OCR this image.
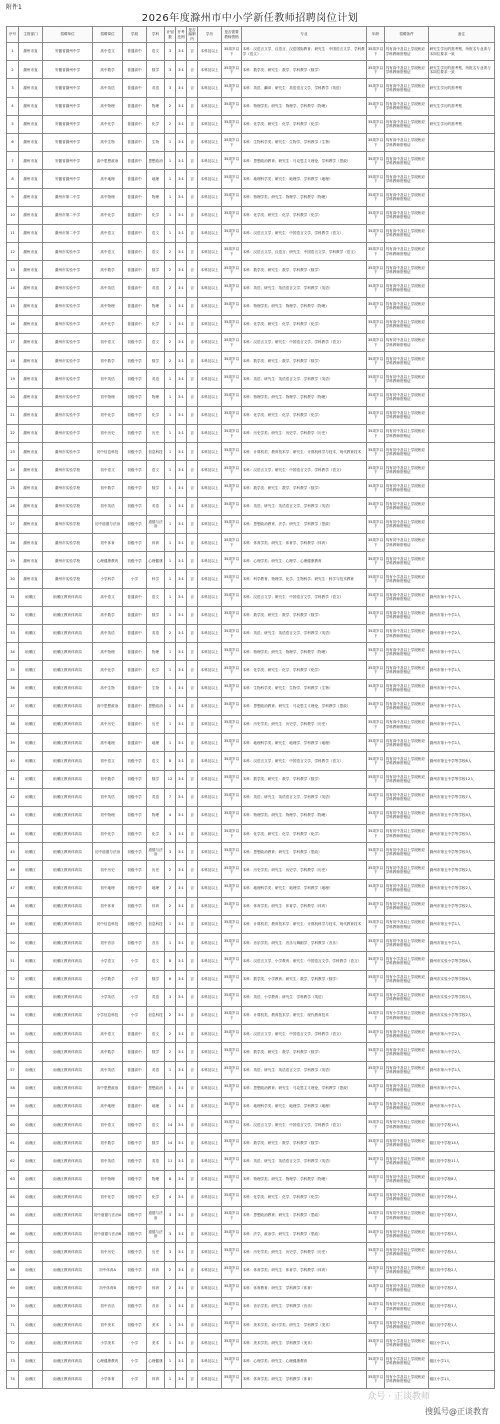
附件1
2026年度滁州市中小学新任教师招聘岗位计划
序号	主管部门	招聘单位	招聘岗位	学段	学科	计划数	开考比例	是否编制内	学历	是否需要教师资格	专业	年龄	招聘条件	备注
1	滁州市直	安徽省滁州中学	高中语文	普通高中	语文	3	3:1	否	本科及以上	35周岁以下	本科：汉语言文学、汉语言、汉语国际教育；研究生：中国语言文学、学科教学（语文）	35周岁以下	具有高中及以上学段相应学科教师资格证	研究生学历的需考察，所报名专业须与本岗位要求一致
2	滁州市直	安徽省滁州中学	高中数学	普通高中	数学	3	3:1	否	本科及以上	35周岁以下	本科：数学类；研究生：数学、学科教学（数学）	35周岁以下	具有高中及以上学段相应学科教师资格证	研究生学历的需考察，所报名专业须与本岗位要求一致
3	滁州市直	安徽省滁州中学	高中英语	普通高中	英语	3	3:1	否	本科及以上	35周岁以下	本科：英语、翻译；研究生：英语语言文学、学科教学（英语）	35周岁以下	具有高中及以上学段相应学科教师资格证	研究生学历的需考察
4	滁州市直	安徽省滁州中学	高中物理	普通高中	物理	2	3:1	否	本科及以上	35周岁以下	本科：物理学类；研究生：物理学、学科教学（物理）	35周岁以下	具有高中及以上学段相应学科教师资格证	研究生学历的需考察
5	滁州市直	安徽省滁州中学	高中化学	普通高中	化学	2	3:1	否	本科及以上	35周岁以下	本科：化学类；研究生：化学、学科教学（化学）	35周岁以下	具有高中及以上学段相应学科教师资格证	研究生学历的需考察
6	滁州市直	安徽省滁州中学	高中生物	普通高中	生物	1	3:1	否	本科及以上	35周岁以下	本科：生物科学类；研究生：生物学、学科教学（生物）	35周岁以下	具有高中及以上学段相应学科教师资格证	
7	滁州市直	安徽省滁州中学	高中思想政治	普通高中	思想政治	1	3:1	否	本科及以上	35周岁以下	本科：思想政治教育；研究生：马克思主义理论、学科教学（思政）	35周岁以下	具有高中及以上学段相应学科教师资格证	
8	滁州市直	安徽省滁州中学	高中地理	普通高中	地理	1	3:1	否	本科及以上	35周岁以下	本科：地理科学类；研究生：地理学、学科教学（地理）	35周岁以下	具有高中及以上学段相应学科教师资格证	
9	滁州市直	滁州市第二中学	高中物理	普通高中	物理	1	3:1	否	本科及以上	35周岁以下	本科：物理学类；研究生：物理学、学科教学（物理）	35周岁以下	具有高中及以上学段相应学科教师资格证	
10	滁州市直	滁州市第二中学	高中化学	普通高中	化学	1	3:1	否	本科及以上	35周岁以下	本科：化学类；研究生：化学、学科教学（化学）	35周岁以下	具有高中及以上学段相应学科教师资格证	
11	滁州市直	滁州市第二中学	高中语文	普通高中	语文	1	3:1	否	本科及以上	35周岁以下	本科：汉语言文学；研究生：中国语言文学、学科教学（语文）	35周岁以下	具有高中及以上学段相应学科教师资格证	
12	滁州市直	滁州市实验中学	高中语文	普通高中	语文	2	3:1	否	本科及以上	35周岁以下	本科：汉语言文学、汉语言；研究生：中国语言文学、学科教学（语文）	35周岁以下	具有高中及以上学段相应学科教师资格证	
13	滁州市直	滁州市实验中学	高中数学	普通高中	数学	2	3:1	否	本科及以上	35周岁以下	本科：数学类；研究生：数学、学科教学（数学）	35周岁以下	具有高中及以上学段相应学科教师资格证	
14	滁州市直	滁州市实验中学	高中英语	普通高中	英语	2	3:1	否	本科及以上	35周岁以下	本科：英语；研究生：英语语言文学、学科教学（英语）	35周岁以下	具有高中及以上学段相应学科教师资格证	
15	滁州市直	滁州市实验中学	高中物理	普通高中	物理	1	3:1	否	本科及以上	35周岁以下	本科：物理学类；研究生：物理学、学科教学（物理）	35周岁以下	具有高中及以上学段相应学科教师资格证	
16	滁州市直	滁州市实验中学	高中化学	普通高中	化学	1	3:1	否	本科及以上	35周岁以下	本科：化学类；研究生：化学、学科教学（化学）	35周岁以下	具有高中及以上学段相应学科教师资格证	
17	滁州市直	滁州市实验中学	初中语文	初级中学	语文	2	3:1	否	本科及以上	35周岁以下	本科：汉语言文学；研究生：中国语言文学、学科教学（语文）	35周岁以下	具有初中及以上学段相应学科教师资格证	
18	滁州市直	滁州市实验中学	初中数学	初级中学	数学	2	3:1	否	本科及以上	35周岁以下	本科：数学类；研究生：数学、学科教学（数学）	35周岁以下	具有初中及以上学段相应学科教师资格证	
19	滁州市直	滁州市实验中学	初中英语	初级中学	英语	1	3:1	否	本科及以上	35周岁以下	本科：英语；研究生：英语语言文学、学科教学（英语）	35周岁以下	具有初中及以上学段相应学科教师资格证	
20	滁州市直	滁州市实验中学	初中物理	初级中学	物理	1	3:1	否	本科及以上	35周岁以下	本科：物理学类；研究生：物理学、学科教学（物理）	35周岁以下	具有初中及以上学段相应学科教师资格证	
21	滁州市直	滁州市实验中学	初中化学	初级中学	化学	1	3:1	否	本科及以上	35周岁以下	本科：化学类；研究生：化学、学科教学（化学）	35周岁以下	具有初中及以上学段相应学科教师资格证	
22	滁州市直	滁州市实验中学	初中历史	初级中学	历史	1	3:1	否	本科及以上	35周岁以下	本科：历史学类；研究生：历史学、学科教学（历史）	35周岁以下	具有初中及以上学段相应学科教师资格证	
23	滁州市直	滁州市实验中学	初中信息科技	初级中学	信息科技	1	3:1	否	本科及以上	35周岁以下	本科：计算机类、教育技术学；研究生：计算机科学与技术、现代教育技术	35周岁以下	具有初中及以上学段相应学科教师资格证	
24	滁州市直	滁州市实验学校	初中语文	初级中学	语文	1	3:1	否	本科及以上	35周岁以下	本科：汉语言文学；研究生：中国语言文学、学科教学（语文）	35周岁以下	具有初中及以上学段相应学科教师资格证	
25	滁州市直	滁州市实验学校	初中数学	初级中学	数学	1	3:1	否	本科及以上	35周岁以下	本科：数学类；研究生：数学、学科教学（数学）	35周岁以下	具有初中及以上学段相应学科教师资格证	
26	滁州市直	滁州市实验学校	初中英语	初级中学	英语	1	3:1	否	本科及以上	35周岁以下	本科：英语；研究生：英语语言文学、学科教学（英语）	35周岁以下	具有初中及以上学段相应学科教师资格证	
27	滁州市直	滁州市实验学校	初中道德与法治	初级中学	道德与法治	1	3:1	否	本科及以上	35周岁以下	本科：思想政治教育、法学；研究生：学科教学（思政）	35周岁以下	具有初中及以上学段相应学科教师资格证	
28	滁州市直	滁州市实验学校	初中体育	初级中学	体育	1	3:1	否	本科及以上	35周岁以下	本科：体育学类；研究生：体育学、学科教学（体育）	35周岁以下	具有初中及以上学段相应学科教师资格证	
29	滁州市直	滁州市实验学校	心理健康教育	初级中学	心理健康	1	3:1	否	本科及以上	35周岁以下	本科：心理学类；研究生：心理学、心理健康教育	35周岁以下	具有初中及以上学段相应学科教师资格证	
30	滁州市直	滁州市实验学校	小学科学	小学	科学	1	3:1	否	本科及以上	35周岁以下	本科：科学教育、物理学、化学、生物科学；研究生：科学与技术教育	35周岁以下	具有小学及以上学段相应学科教师资格证	
31	琅琊区	琅琊区教育体育局	高中语文	普通高中	语文	1	3:1	否	本科及以上	35周岁以下	本科：汉语言文学；研究生：中国语言文学、学科教学（语文）	35周岁以下	具有高中及以上学段相应学科教师资格证	滁州市第十中学1人
32	琅琊区	琅琊区教育体育局	高中数学	普通高中	数学	1	3:1	否	本科及以上	35周岁以下	本科：数学类；研究生：数学、学科教学（数学）	35周岁以下	具有高中及以上学段相应学科教师资格证	滁州市第十中学1人
33	琅琊区	琅琊区教育体育局	高中英语	普通高中	英语	2	3:1	否	本科及以上	35周岁以下	本科：英语；研究生：英语语言文学、学科教学（英语）	35周岁以下	具有高中及以上学段相应学科教师资格证	滁州市第十中学2人
34	琅琊区	琅琊区教育体育局	高中物理	普通高中	物理	1	3:1	否	本科及以上	35周岁以下	本科：物理学类；研究生：物理学、学科教学（物理）	35周岁以下	具有高中及以上学段相应学科教师资格证	滁州市第十中学1人
35	琅琊区	琅琊区教育体育局	高中化学	普通高中	化学	1	3:1	否	本科及以上	35周岁以下	本科：化学类；研究生：化学、学科教学（化学）	35周岁以下	具有高中及以上学段相应学科教师资格证	滁州市第十中学1人
36	琅琊区	琅琊区教育体育局	高中生物	普通高中	生物	1	3:1	否	本科及以上	35周岁以下	本科：生物科学类；研究生：生物学、学科教学（生物）	35周岁以下	具有高中及以上学段相应学科教师资格证	滁州市第十中学1人
37	琅琊区	琅琊区教育体育局	高中思想政治	普通高中	思想政治	1	3:1	否	本科及以上	35周岁以下	本科：思想政治教育；研究生：马克思主义理论、学科教学（思政）	35周岁以下	具有高中及以上学段相应学科教师资格证	滁州市第十中学1人
38	琅琊区	琅琊区教育体育局	高中历史	普通高中	历史	1	3:1	否	本科及以上	35周岁以下	本科：历史学类；研究生：历史学、学科教学（历史）	35周岁以下	具有高中及以上学段相应学科教师资格证	滁州市第十中学1人
39	琅琊区	琅琊区教育体育局	高中地理	普通高中	地理	1	3:1	否	本科及以上	35周岁以下	本科：地理科学类；研究生：地理学、学科教学（地理）	35周岁以下	具有高中及以上学段相应学科教师资格证	滁州市第十中学1人
40	琅琊区	琅琊区教育体育局	初中语文	初级中学	语文	8	3:1	否	本科及以上	35周岁以下	本科：汉语言文学；研究生：中国语言文学、学科教学（语文）	35周岁以下	具有初中及以上学段相应学科教师资格证	滁州市第五中学等学校8人
41	琅琊区	琅琊区教育体育局	初中数学	初级中学	数学	12	3:1	否	本科及以上	35周岁以下	本科：数学类；研究生：数学、学科教学（数学）	35周岁以下	具有初中及以上学段相应学科教师资格证	滁州市第五中学等学校12人
42	琅琊区	琅琊区教育体育局	初中英语	初级中学	英语	7	3:1	否	本科及以上	35周岁以下	本科：英语；研究生：英语语言文学、学科教学（英语）	35周岁以下	具有初中及以上学段相应学科教师资格证	滁州市第五中学等学校7人
43	琅琊区	琅琊区教育体育局	初中物理	初级中学	物理	4	3:1	否	本科及以上	35周岁以下	本科：物理学类；研究生：物理学、学科教学（物理）	35周岁以下	具有初中及以上学段相应学科教师资格证	滁州市第五中学等学校4人
44	琅琊区	琅琊区教育体育局	初中化学	初级中学	化学	3	3:1	否	本科及以上	35周岁以下	本科：化学类；研究生：化学、学科教学（化学）	35周岁以下	具有初中及以上学段相应学科教师资格证	滁州市第五中学等学校3人
45	琅琊区	琅琊区教育体育局	初中道德与法治	初级中学	道德与法治	3	3:1	否	本科及以上	35周岁以下	本科：思想政治教育；研究生：学科教学（思政）	35周岁以下	具有初中及以上学段相应学科教师资格证	滁州市第五中学等学校3人
46	琅琊区	琅琊区教育体育局	初中历史	初级中学	历史	2	3:1	否	本科及以上	35周岁以下	本科：历史学类；研究生：历史学、学科教学（历史）	35周岁以下	具有初中及以上学段相应学科教师资格证	滁州市第五中学等学校2人
47	琅琊区	琅琊区教育体育局	初中地理	初级中学	地理	2	3:1	否	本科及以上	35周岁以下	本科：地理科学类；研究生：地理学、学科教学（地理）	35周岁以下	具有初中及以上学段相应学科教师资格证	滁州市第五中学等学校2人
48	琅琊区	琅琊区教育体育局	初中体育	初级中学	体育	2	3:1	否	本科及以上	35周岁以下	本科：体育学类；研究生：体育学、学科教学（体育）	35周岁以下	具有初中及以上学段相应学科教师资格证	滁州市第五中学等学校2人
49	琅琊区	琅琊区教育体育局	初中信息科技	初级中学	信息科技	1	3:1	否	本科及以上	35周岁以下	本科：计算机类、教育技术学；研究生：计算机科学与技术、现代教育技术	35周岁以下	具有初中及以上学段相应学科教师资格证	滁州市第五中学1人
50	琅琊区	琅琊区教育体育局	初中音乐	初级中学	音乐	1	3:1	否	本科及以上	35周岁以下	本科：音乐学类；研究生：音乐与舞蹈学、学科教学（音乐）	35周岁以下	具有初中及以上学段相应学科教师资格证	滁州市第五中学1人
51	琅琊区	琅琊区教育体育局	小学语文	小学	语文	8	3:1	否	本科及以上	35周岁以下	本科：汉语言文学、小学教育；研究生：中国语言文学、学科教学（语文）	35周岁以下	具有小学及以上学段相应学科教师资格证	滁州市实验小学等学校8人
52	琅琊区	琅琊区教育体育局	小学数学	小学	数学	6	3:1	否	本科及以上	35周岁以下	本科：数学类、小学教育；研究生：数学、学科教学（数学）	35周岁以下	具有小学及以上学段相应学科教师资格证	滁州市实验小学等学校6人
53	琅琊区	琅琊区教育体育局	小学英语	小学	英语	3	3:1	否	本科及以上	35周岁以下	本科：英语、小学教育；研究生：学科教学（英语）	35周岁以下	具有小学及以上学段相应学科教师资格证	滁州市实验小学等学校3人
54	琅琊区	琅琊区教育体育局	小学信息科技	小学	信息科技	2	3:1	否	本科及以上	35周岁以下	本科：计算机类、教育技术学；研究生：现代教育技术	35周岁以下	具有小学及以上学段相应学科教师资格证	滁州市实验小学等学校2人
55	南谯区	南谯区教育体育局	高中语文	普通高中	语文	2	3:1	否	本科及以上	35周岁以下	本科：汉语言文学；研究生：中国语言文学、学科教学（语文）	35周岁以下	具有高中及以上学段相应学科教师资格证	滁州市第六中学2人
56	南谯区	南谯区教育体育局	高中数学	普通高中	数学	2	3:1	否	本科及以上	35周岁以下	本科：数学类；研究生：数学、学科教学（数学）	35周岁以下	具有高中及以上学段相应学科教师资格证	滁州市第六中学2人
57	南谯区	南谯区教育体育局	高中英语	普通高中	英语	1	3:1	否	本科及以上	35周岁以下	本科：英语；研究生：英语语言文学、学科教学（英语）	35周岁以下	具有高中及以上学段相应学科教师资格证	滁州市第六中学1人
58	南谯区	南谯区教育体育局	高中思想政治	普通高中	思想政治	1	3:1	否	本科及以上	35周岁以下	本科：思想政治教育；研究生：马克思主义理论、学科教学（思政）	35周岁以下	具有高中及以上学段相应学科教师资格证	滁州市第六中学1人
59	南谯区	南谯区教育体育局	高中地理	普通高中	地理	1	3:1	否	本科及以上	35周岁以下	本科：地理科学类；研究生：地理学、学科教学（地理）	35周岁以下	具有高中及以上学段相应学科教师资格证	滁州市第六中学1人
60	南谯区	南谯区教育体育局	初中语文	初级中学	语文	14	3:1	否	本科及以上	35周岁以下	本科：汉语言文学；研究生：中国语言文学、学科教学（语文）	35周岁以下	具有初中及以上学段相应学科教师资格证	辖区初中学校14人
61	南谯区	南谯区教育体育局	初中数学	初级中学	数学	14	3:1	否	本科及以上	35周岁以下	本科：数学类；研究生：数学、学科教学（数学）	35周岁以下	具有初中及以上学段相应学科教师资格证	辖区初中学校14人
62	南谯区	南谯区教育体育局	初中英语	初级中学	英语	11	3:1	否	本科及以上	35周岁以下	本科：英语；研究生：英语语言文学、学科教学（英语）	35周岁以下	具有初中及以上学段相应学科教师资格证	辖区初中学校11人
63	南谯区	南谯区教育体育局	初中物理	初级中学	物理	8	3:1	否	本科及以上	35周岁以下	本科：物理学类；研究生：物理学、学科教学（物理）	35周岁以下	具有初中及以上学段相应学科教师资格证	辖区初中学校8人
64	南谯区	南谯区教育体育局	初中化学	初级中学	化学	4	3:1	否	本科及以上	35周岁以下	本科：化学类；研究生：化学、学科教学（化学）	35周岁以下	具有初中及以上学段相应学科教师资格证	辖区初中学校4人
65	南谯区	南谯区教育体育局	初中道德与法治A	初级中学	道德与法治	3	3:1	否	本科及以上	35周岁以下	本科：思想政治教育；研究生：学科教学（思政）	35周岁以下	具有初中及以上学段相应学科教师资格证	辖区初中学校3人
66	南谯区	南谯区教育体育局	初中道德与法治B	初级中学	道德与法治	3	3:1	否	本科及以上	35周岁以下	本科：法学、政治学；研究生：学科教学（思政）	35周岁以下	具有初中及以上学段相应学科教师资格证	辖区初中学校3人
67	南谯区	南谯区教育体育局	初中历史	初级中学	历史	3	3:1	否	本科及以上	35周岁以下	本科：历史学类；研究生：历史学、学科教学（历史）	35周岁以下	具有初中及以上学段相应学科教师资格证	辖区初中学校3人
68	南谯区	南谯区教育体育局	初中体育A	初级中学	体育	2	3:1	否	本科及以上	35周岁以下	本科：体育学类；研究生：体育学、学科教学（体育）	35周岁以下	具有初中及以上学段相应学科教师资格证	辖区初中学校2人
69	南谯区	南谯区教育体育局	初中体育B	初级中学	体育	2	3:1	否	本科及以上	35周岁以下	本科：体育教育；研究生：学科教学（体育）	35周岁以下	具有初中及以上学段相应学科教师资格证	辖区初中学校2人
70	南谯区	南谯区教育体育局	初中音乐	初级中学	音乐	1	3:1	否	本科及以上	35周岁以下	本科：音乐学类；研究生：学科教学（音乐）	35周岁以下	具有初中及以上学段相应学科教师资格证	辖区初中学校1人
71	南谯区	南谯区教育体育局	初中美术	初级中学	美术	1	3:1	否	本科及以上	35周岁以下	本科：美术学类、设计学类；研究生：学科教学（美术）	35周岁以下	具有初中及以上学段相应学科教师资格证	辖区初中学校1人
72	南谯区	南谯区教育体育局	小学美术	小学	美术	1	3:1	否	本科及以上	35周岁以下	本科：美术学类；研究生：学科教学（美术）	35周岁以下	具有小学及以上学段相应学科教师资格证	辖区小学1人
73	南谯区	南谯区教育体育局	心理健康教育	小学	心理健康	1	3:1	否	本科及以上	35周岁以下	本科：心理学类；研究生：心理健康教育	35周岁以下	具有小学及以上学段相应学科教师资格证	辖区小学1人
74	南谯区	南谯区教育体育局	小学体育	小学	体育	1	3:1	否	本科及以上	35周岁以下	本科：体育学类；研究生：学科教学（体育）	35周岁以下	具有小学及以上学段相应学科教师资格证	辖区小学1人
众号 · 正谈教师
搜狐号@正谈教育
